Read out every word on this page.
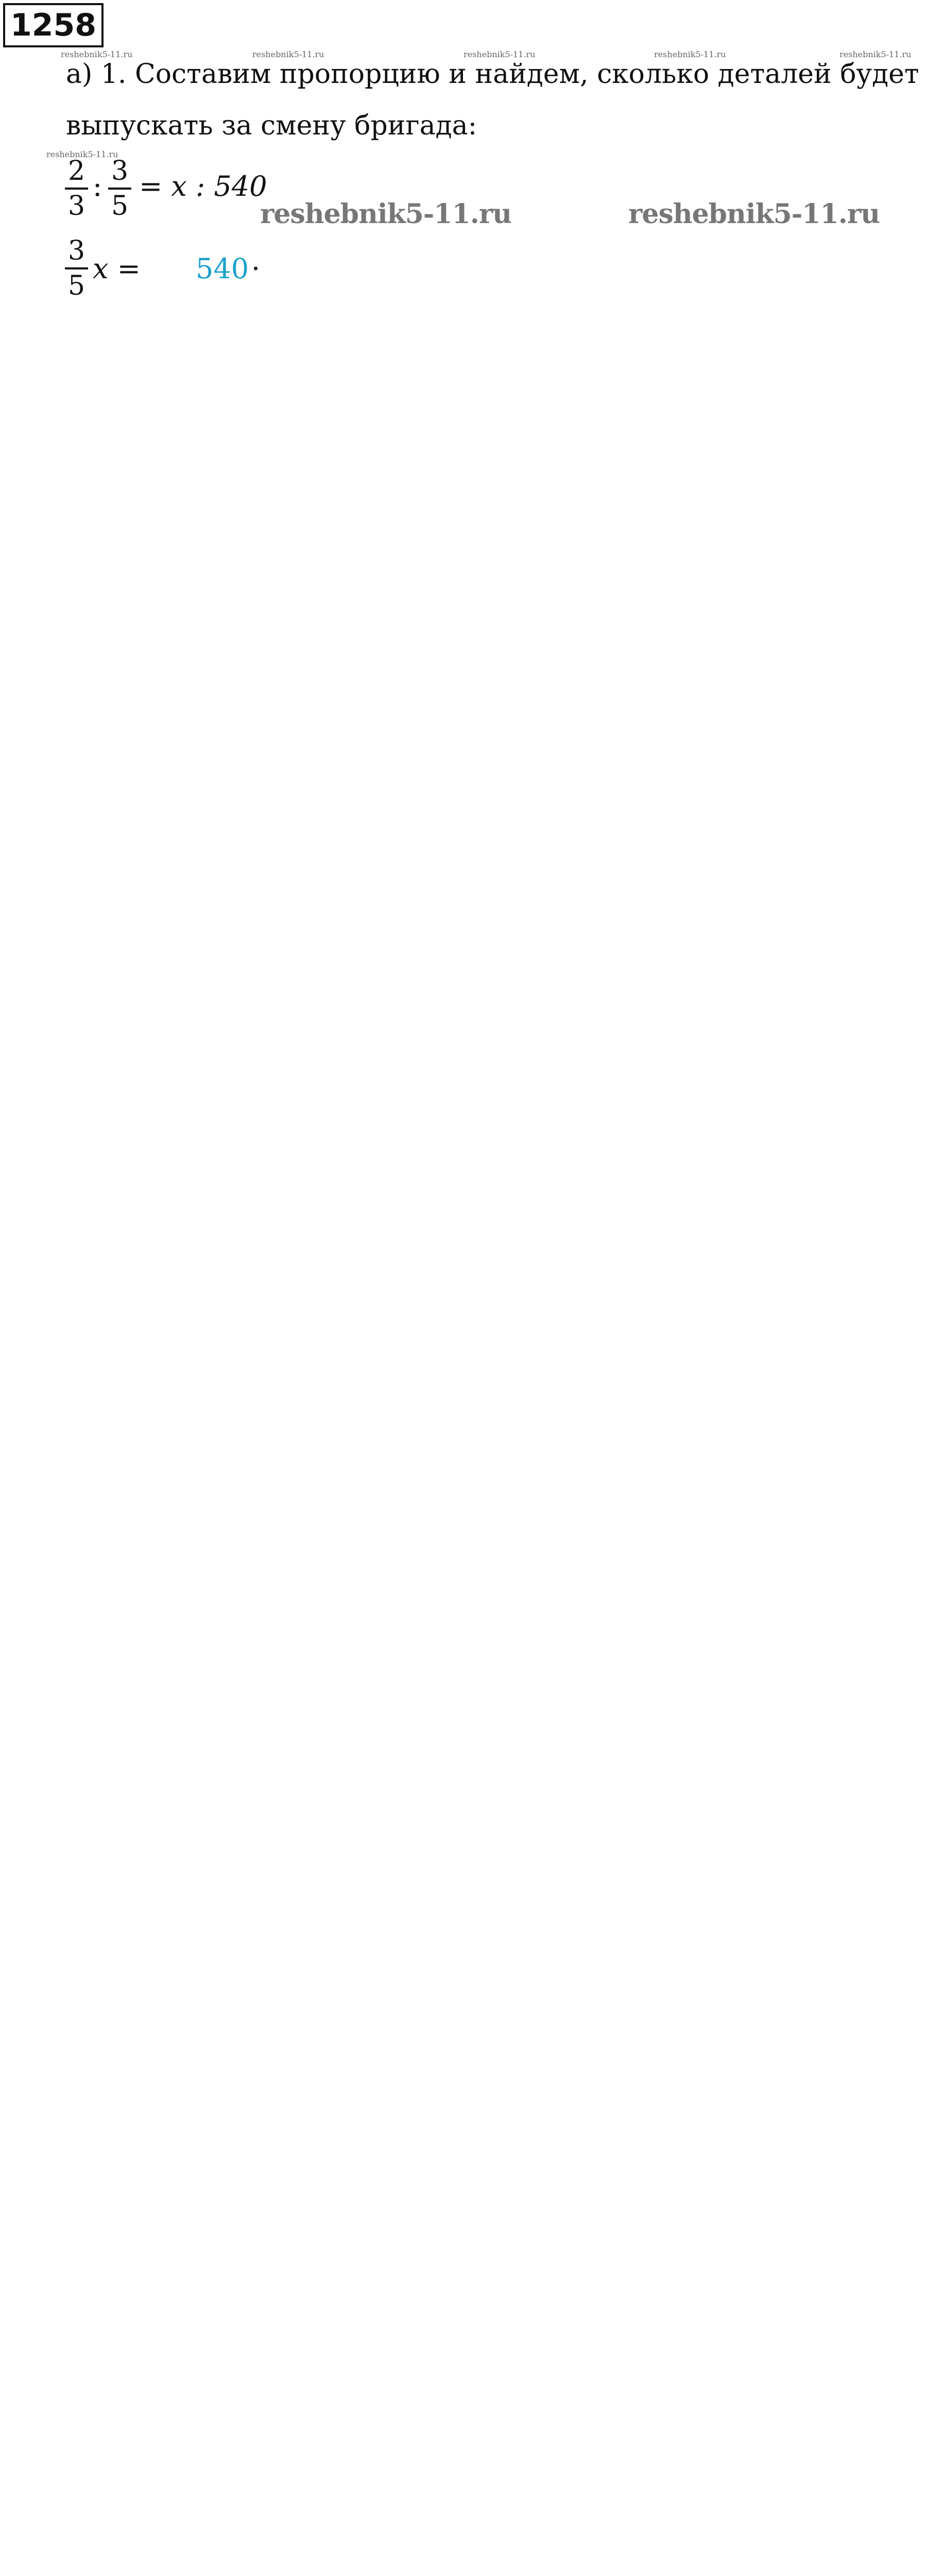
1258
reshebnik5-11.ru	reshebnik5-11.ru	reshebnik5-11.ru	reshebnik5-11.ru	reshebnik5-11.ru
а) 1. Составим пропорцию и найдем, сколько деталей будет
выпускать за смену бригада:
reshebnik5-11.ru
2
3
: 3
5
= x : 540
reshebnik5-11.ru	reshebnik5-11.ru
3
5
x = 540 ·
